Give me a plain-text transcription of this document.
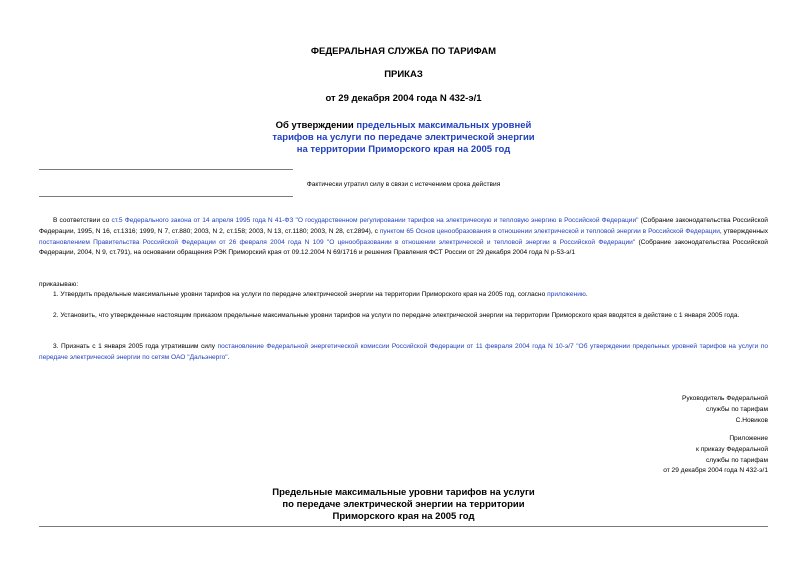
ФЕДЕРАЛЬНАЯ СЛУЖБА ПО ТАРИФАМ
ПРИКАЗ
от 29 декабря 2004 года N 432-э/1
Об утверждении предельных максимальных уровней
тарифов на услуги по передаче электрической энергии
на территории Приморского края на 2005 год
Фактически утратил силу в связи с истечением срока действия
В соответствии со ст.5 Федерального закона от 14 апреля 1995 года N 41-ФЗ "О государственном регулировании тарифов на электрическую и тепловую энергию в Российской Федерации" (Собрание законодательства Российской Федерации, 1995, N 16, ст.1316; 1999, N 7, ст.880; 2003, N 2, ст.158; 2003, N 13, ст.1180; 2003, N 28, ст.2894), с пунктом 65 Основ ценообразования в отношении электрической и тепловой энергии в Российской Федерации, утвержденных постановлением Правительства Российской Федерации от 26 февраля 2004 года N 109 "О ценообразовании в отношении электрической и тепловой энергии в Российской Федерации" (Собрание законодательства Российской Федерации, 2004, N 9, ст.791), на основании обращения РЭК Приморский края от 09.12.2004 N 69/1716 и решения Правления ФСТ России от 29 декабря 2004 года N р-53-э/1
приказываю:
1. Утвердить предельные максимальные уровни тарифов на услуги по передаче электрической энергии на территории Приморского края на 2005 год, согласно приложению.
2. Установить, что утвержденные настоящим приказом предельные максимальные уровни тарифов на услуги по передаче электрической энергии на территории Приморского края вводятся в действие с 1 января 2005 года.
3. Признать с 1 января 2005 года утратившим силу постановление Федеральной энергетической комиссии Российской Федерации от 11 февраля 2004 года N 10-э/7 "Об утверждении предельных уровней тарифов на услуги по передаче электрической энергии по сетям ОАО "Дальэнерго".
Руководитель Федеральной
службы по тарифам
С.Новиков
Приложение
к приказу Федеральной
службы по тарифам
от 29 декабря 2004 года N 432-э/1
Предельные максимальные уровни тарифов на услуги
по передаче электрической энергии на территории
Приморского края на 2005 год
